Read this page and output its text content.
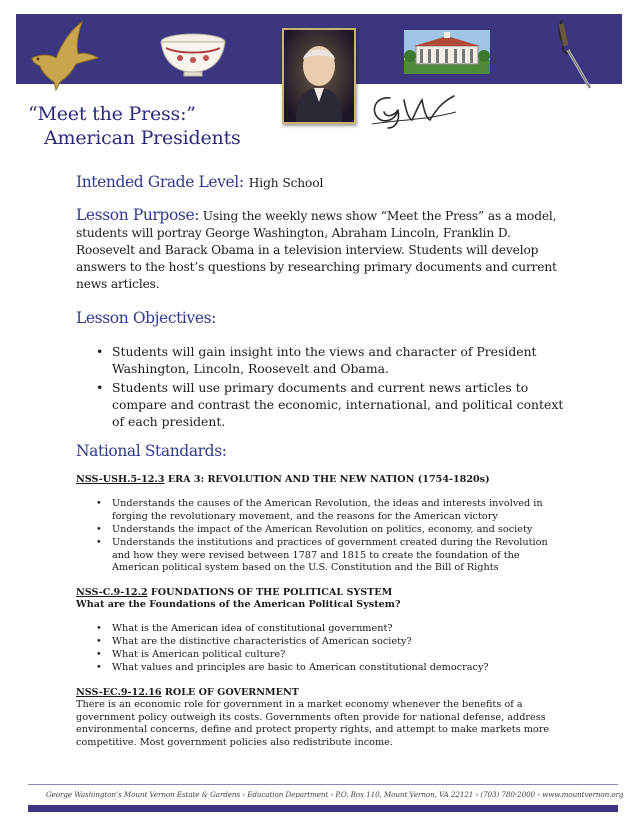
“Meet the Press:”
American Presidents
Intended Grade Level: High School

Lesson Purpose: Using the weekly news show “Meet the Press” as a model, students will portray George Washington, Abraham Lincoln, Franklin D. Roosevelt and Barack Obama in a television interview. Students will develop answers to the host’s questions by researching primary documents and current news articles.

Lesson Objectives:
• Students will gain insight into the views and character of President Washington, Lincoln, Roosevelt and Obama.
• Students will use primary documents and current news articles to compare and contrast the economic, international, and political context of each president.
National Standards:
NSS-USH.5-12.3 ERA 3: REVOLUTION AND THE NEW NATION (1754-1820s)
• Understands the causes of the American Revolution, the ideas and interests involved in forging the revolutionary movement, and the reasons for the American victory
• Understands the impact of the American Revolution on politics, economy, and society
• Understands the institutions and practices of government created during the Revolution and how they were revised between 1787 and 1815 to create the foundation of the American political system based on the U.S. Constitution and the Bill of Rights
NSS-C.9-12.2 FOUNDATIONS OF THE POLITICAL SYSTEM
What are the Foundations of the American Political System?
• What is the American idea of constitutional government?
• What are the distinctive characteristics of American society?
• What is American political culture?
• What values and principles are basic to American constitutional democracy?
NSS-EC.9-12.16 ROLE OF GOVERNMENT

There is an economic role for government in a market economy whenever the benefits of a government policy outweigh its costs. Governments often provide for national defense, address environmental concerns, define and protect property rights, and attempt to make markets more competitive. Most government policies also redistribute income.

George Washington’s Mount Vernon Estate & Gardens › Education Department › P.O. Box 110, Mount Vernon, VA 22121 › (703) 780-2000 › www.mountvernon.org
